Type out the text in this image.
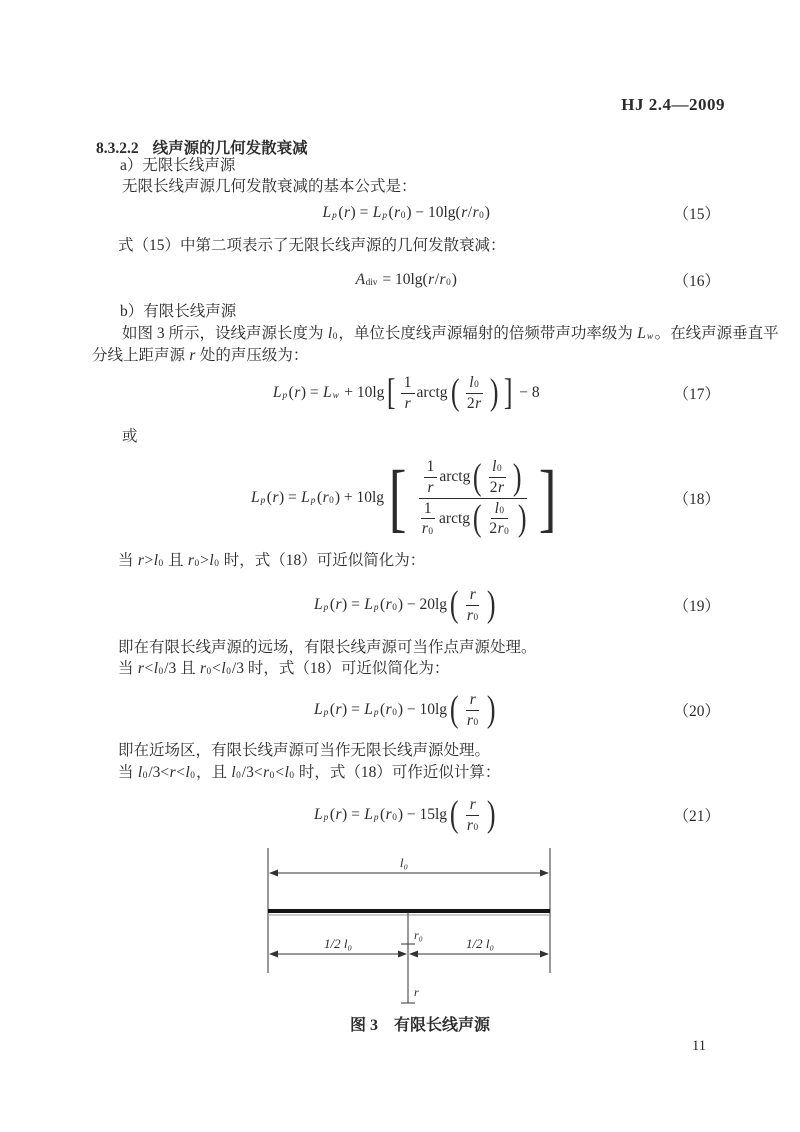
HJ 2.4—2009
8.3.2.2 线声源的几何发散衰减
a）无限长线声源
无限长线声源几何发散衰减的基本公式是：
L p ( r ) = L p ( r 0 ) − 10lg( r / r 0 )	（15）
式（15）中第二项表示了无限长线声源的几何发散衰减：
A div = 10lg( r / r 0 )	（16）
b）有限长线声源
如图 3 所示，设线声源长度为 l 0 ，单位长度线声源辐射的倍频带声功率级为 L w 。在线声源垂直平
分线上距声源 r 处的声压级为：
L p ( r ) = L w + 10lg [ $\frac{1}{r}$ arctg ( $\frac{l 0}{2 r}$ ) ] − 8	（17）
或
L p ( r ) = L p ( r 0 ) + 10lg [ $\frac{\frac{1}{r} arctg ( \frac{l 0}{2 r} )}{\frac{1}{r 0} arctg ( \frac{l 0}{2 r 0} )}$ ]	（18）
当 r > l 0 且 r 0 > l 0 时，式（18）可近似简化为：
L p ( r ) = L p ( r 0 ) − 20lg ( $\frac{r}{r 0}$ )	（19）
即在有限长线声源的远场，有限长线声源可当作点声源处理。
当 r < l 0 /3 且 r 0 < l 0 /3 时，式（18）可近似简化为：
L p ( r ) = L p ( r 0 ) − 10lg ( $\frac{r}{r 0}$ )	（20）
即在近场区，有限长线声源可当作无限长线声源处理。
当 l 0 /3< r < l 0 ，且 l 0 /3< r 0 < l 0 时，式（18）可作近似计算：
L p ( r ) = L p ( r 0 ) − 15lg ( $\frac{r}{r 0}$ )	（21）
l₀
r₀
1/2 l₀	1/2 l₀
r
图 3　有限长线声源
11
